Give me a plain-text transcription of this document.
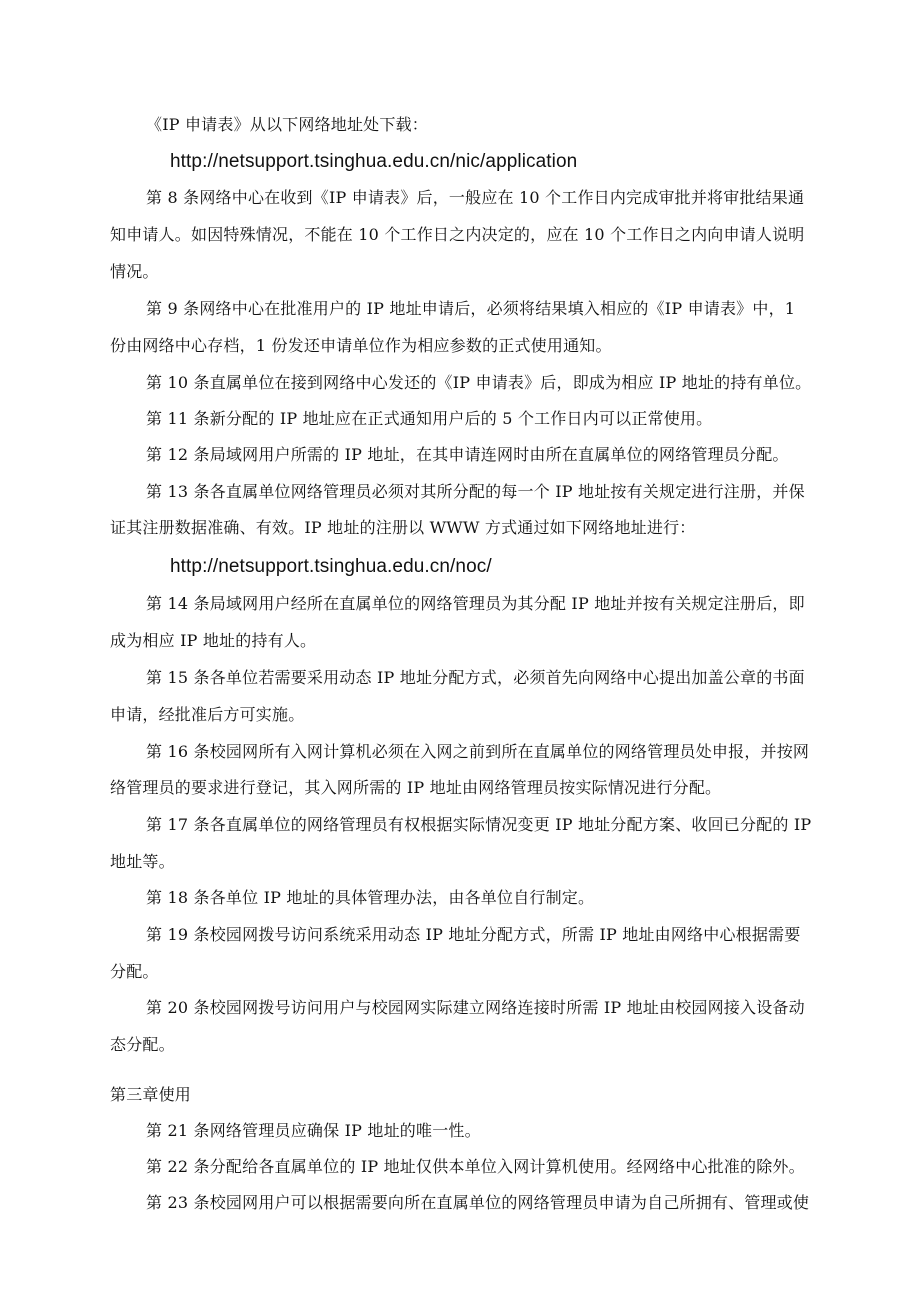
《IP 申请表》从以下网络地址处下载：
http://netsupport.tsinghua.edu.cn/nic/application
第 8 条网络中心在收到《IP 申请表》后，一般应在 10 个工作日内完成审批并将审批结果通
知申请人。如因特殊情况，不能在 10 个工作日之内决定的，应在 10 个工作日之内向申请人说明
情况。
第 9 条网络中心在批准用户的 IP 地址申请后，必须将结果填入相应的《IP 申请表》中，1
份由网络中心存档，1 份发还申请单位作为相应参数的正式使用通知。
第 10 条直属单位在接到网络中心发还的《IP 申请表》后，即成为相应 IP 地址的持有单位。
第 11 条新分配的 IP 地址应在正式通知用户后的 5 个工作日内可以正常使用。
第 12 条局域网用户所需的 IP 地址，在其申请连网时由所在直属单位的网络管理员分配。
第 13 条各直属单位网络管理员必须对其所分配的每一个 IP 地址按有关规定进行注册，并保
证其注册数据准确、有效。IP 地址的注册以 WWW 方式通过如下网络地址进行：
http://netsupport.tsinghua.edu.cn/noc/
第 14 条局域网用户经所在直属单位的网络管理员为其分配 IP 地址并按有关规定注册后，即
成为相应 IP 地址的持有人。
第 15 条各单位若需要采用动态 IP 地址分配方式，必须首先向网络中心提出加盖公章的书面
申请，经批准后方可实施。
第 16 条校园网所有入网计算机必须在入网之前到所在直属单位的网络管理员处申报，并按网
络管理员的要求进行登记，其入网所需的 IP 地址由网络管理员按实际情况进行分配。
第 17 条各直属单位的网络管理员有权根据实际情况变更 IP 地址分配方案、收回已分配的 IP
地址等。
第 18 条各单位 IP 地址的具体管理办法，由各单位自行制定。
第 19 条校园网拨号访问系统采用动态 IP 地址分配方式，所需 IP 地址由网络中心根据需要
分配。
第 20 条校园网拨号访问用户与校园网实际建立网络连接时所需 IP 地址由校园网接入设备动
态分配。
第三章使用
第 21 条网络管理员应确保 IP 地址的唯一性。
第 22 条分配给各直属单位的 IP 地址仅供本单位入网计算机使用。经网络中心批准的除外。
第 23 条校园网用户可以根据需要向所在直属单位的网络管理员申请为自己所拥有、管理或使
